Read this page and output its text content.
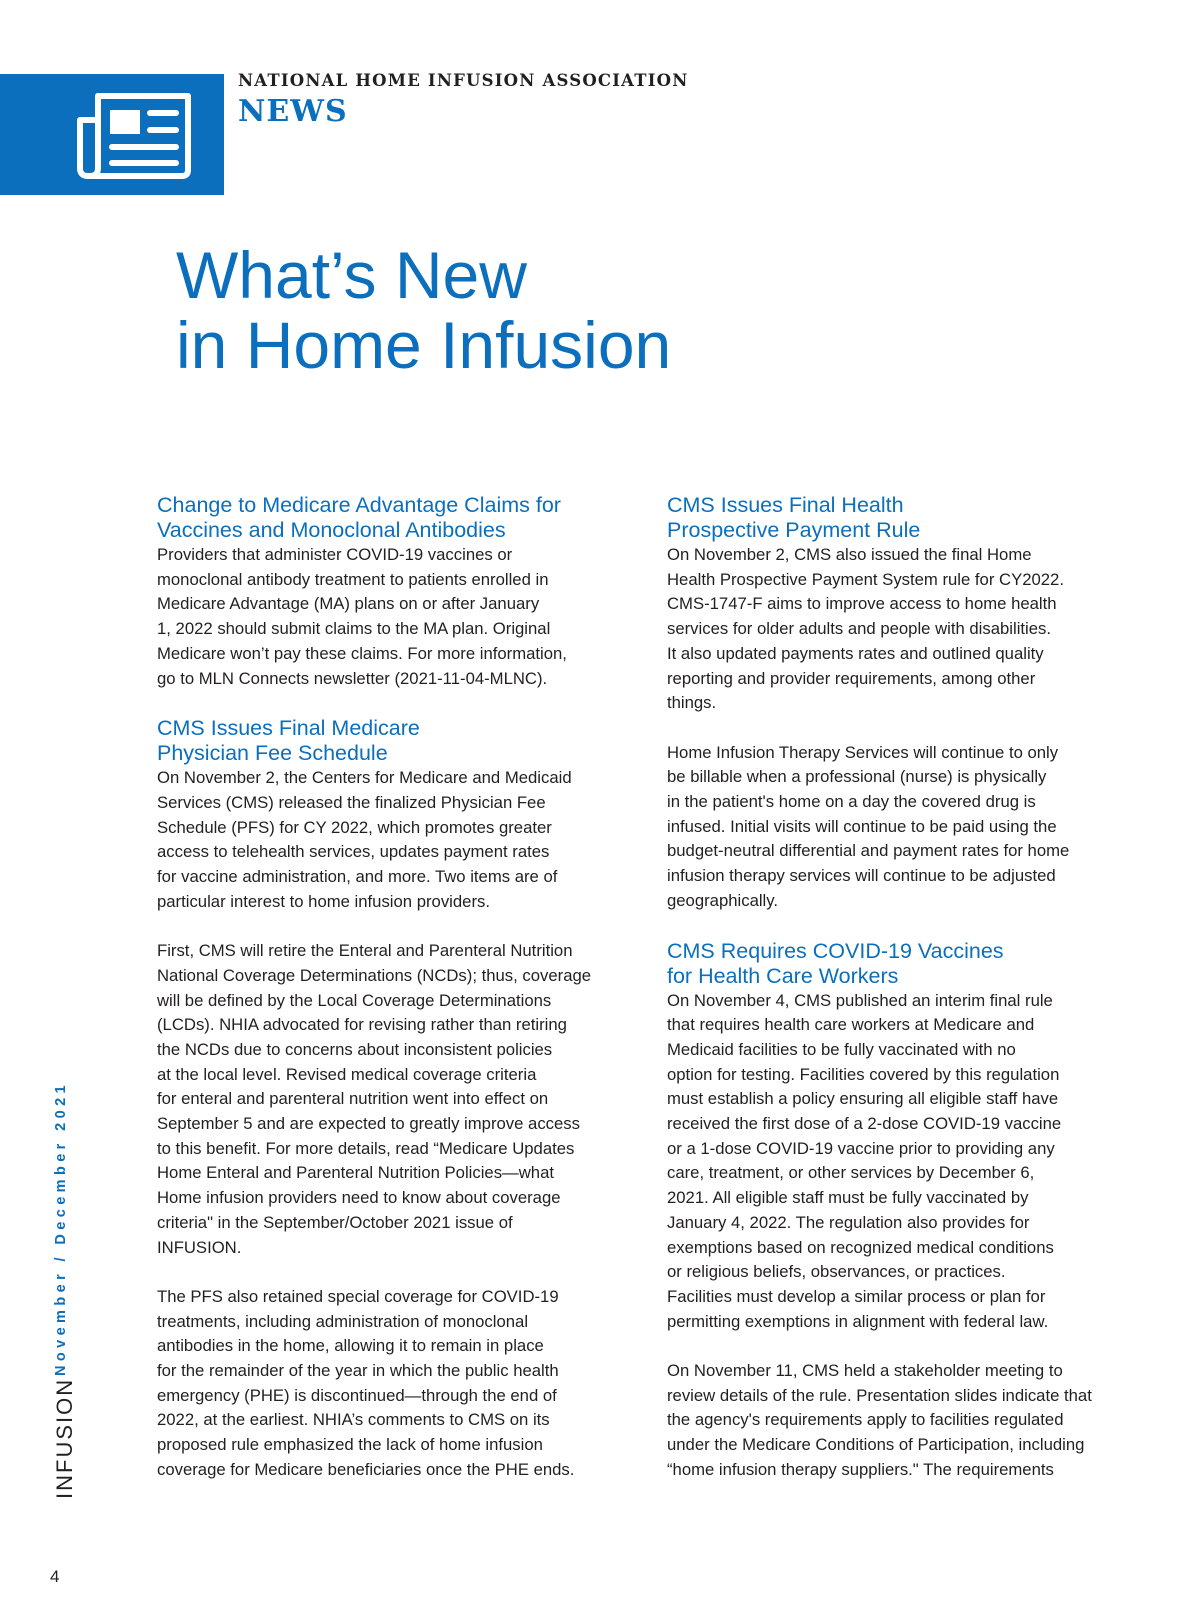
NATIONAL HOME INFUSION ASSOCIATION
NEWS
What’s New
in Home Infusion
Change to Medicare Advantage Claims for
Vaccines and Monoclonal Antibodies
Providers that administer COVID-19 vaccines or
monoclonal antibody treatment to patients enrolled in
Medicare Advantage (MA) plans on or after January
1, 2022 should submit claims to the MA plan. Original
Medicare won’t pay these claims. For more information,
go to MLN Connects newsletter (2021-11-04-MLNC).
CMS Issues Final Medicare
Physician Fee Schedule
On November 2, the Centers for Medicare and Medicaid
Services (CMS) released the finalized Physician Fee
Schedule (PFS) for CY 2022, which promotes greater
access to telehealth services, updates payment rates
for vaccine administration, and more. Two items are of
particular interest to home infusion providers.
First, CMS will retire the Enteral and Parenteral Nutrition
National Coverage Determinations (NCDs); thus, coverage
will be defined by the Local Coverage Determinations
(LCDs). NHIA advocated for revising rather than retiring
the NCDs due to concerns about inconsistent policies
at the local level. Revised medical coverage criteria
for enteral and parenteral nutrition went into effect on
September 5 and are expected to greatly improve access
to this benefit. For more details, read “Medicare Updates
Home Enteral and Parenteral Nutrition Policies—what
Home infusion providers need to know about coverage
criteria" in the September/October 2021 issue of
INFUSION.
The PFS also retained special coverage for COVID-19
treatments, including administration of monoclonal
antibodies in the home, allowing it to remain in place
for the remainder of the year in which the public health
emergency (PHE) is discontinued—through the end of
2022, at the earliest. NHIA’s comments to CMS on its
proposed rule emphasized the lack of home infusion
coverage for Medicare beneficiaries once the PHE ends.
CMS Issues Final Health
Prospective Payment Rule
On November 2, CMS also issued the final Home
Health Prospective Payment System rule for CY2022.
CMS-1747-F aims to improve access to home health
services for older adults and people with disabilities.
It also updated payments rates and outlined quality
reporting and provider requirements, among other
things.
Home Infusion Therapy Services will continue to only
be billable when a professional (nurse) is physically
in the patient's home on a day the covered drug is
infused. Initial visits will continue to be paid using the
budget-neutral differential and payment rates for home
infusion therapy services will continue to be adjusted
geographically.
CMS Requires COVID-19 Vaccines
for Health Care Workers
On November 4, CMS published an interim final rule
that requires health care workers at Medicare and
Medicaid facilities to be fully vaccinated with no
option for testing. Facilities covered by this regulation
must establish a policy ensuring all eligible staff have
received the first dose of a 2-dose COVID-19 vaccine
or a 1-dose COVID-19 vaccine prior to providing any
care, treatment, or other services by December 6,
2021. All eligible staff must be fully vaccinated by
January 4, 2022. The regulation also provides for
exemptions based on recognized medical conditions
or religious beliefs, observances, or practices.
Facilities must develop a similar process or plan for
permitting exemptions in alignment with federal law.
On November 11, CMS held a stakeholder meeting to
review details of the rule. Presentation slides indicate that
the agency's requirements apply to facilities regulated
under the Medicare Conditions of Participation, including
“home infusion therapy suppliers." The requirements
November / December 2021
INFUSION
4
